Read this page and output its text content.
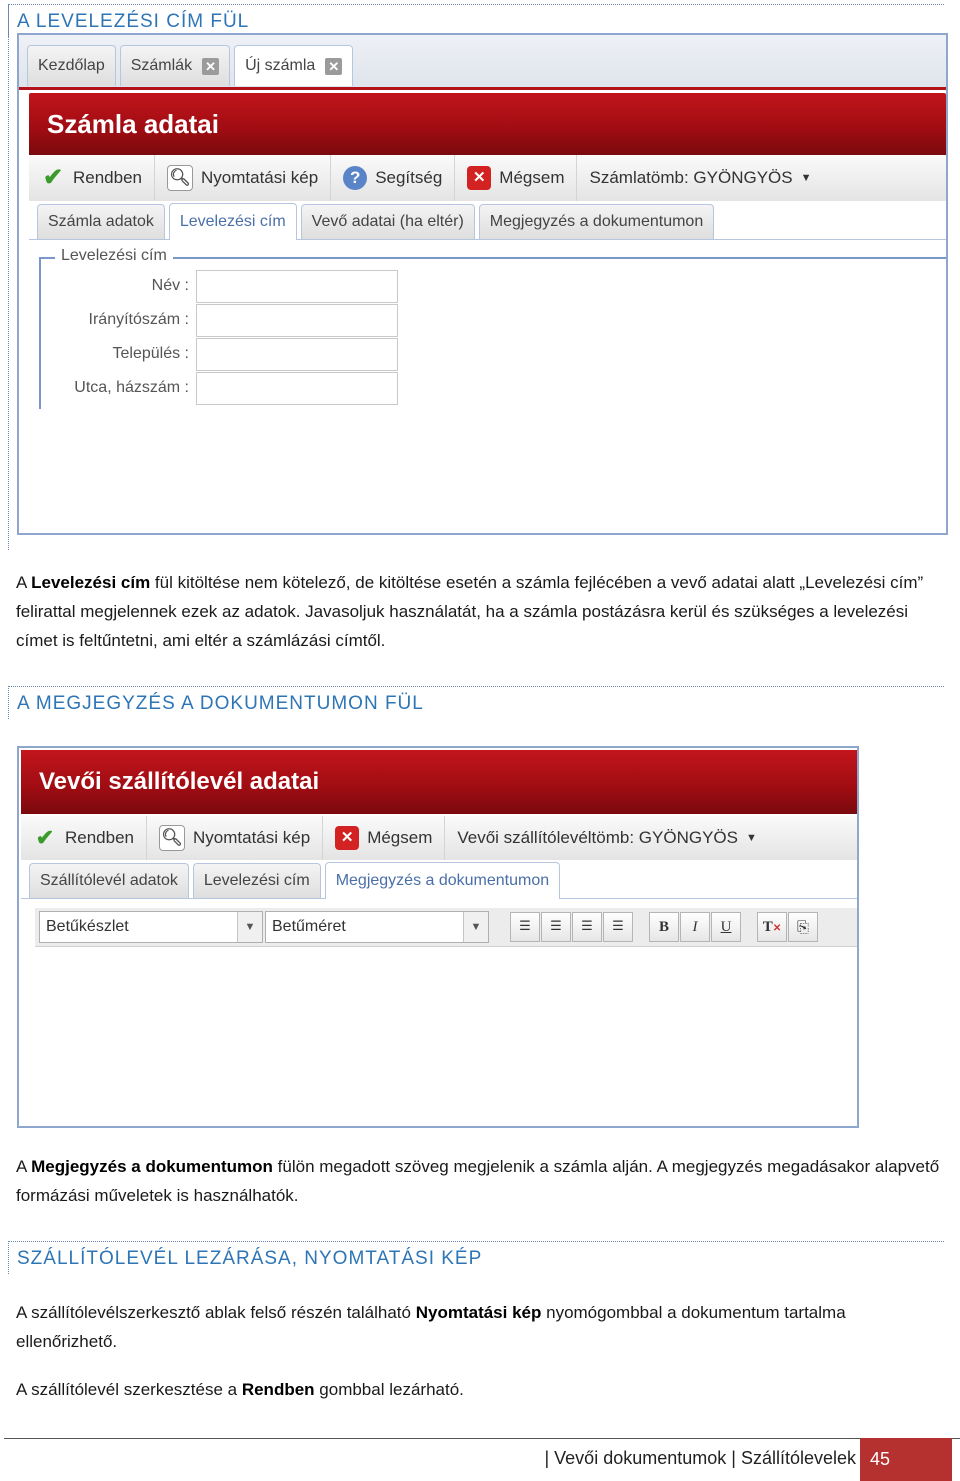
A LEVELEZÉSI CÍM FÜL
Kezdőlap Számlák ✕ Új számla ✕
Számla adatai
✔ Rendben 🔍︎ Nyomtatási kép	? Segítség	✕ Mégsem Számlatömb: GYÖNGYÖS ▼
Számla adatok Levelezési cím Vevő adatai (ha eltér) Megjegyzés a dokumentumon
Levelezési cím
Név :
Irányítószám :
Település :
Utca, házszám :
A Levelezési cím fül kitöltése nem kötelező, de kitöltése esetén a számla fejlécében a vevő adatai alatt „Levelezési cím” felirattal megjelennek ezek az adatok. Javasoljuk használatát, ha a számla postázásra kerül és szükséges a levelezési címet is feltűntetni, ami eltér a számlázási címtől.
A MEGJEGYZÉS A DOKUMENTUMON FÜL
Vevői szállítólevél adatai
✔ Rendben 🔍︎ Nyomtatási kép	✕ Mégsem Vevői szállítólevéltömb: GYÖNGYÖS ▼
Szállítólevél adatok Levelezési cím Megjegyzés a dokumentumon
Betűkészlet	▼	Betűméret	▼	☰	☰	☰	☰	B	I	U	T✕	⎘
A Megjegyzés a dokumentumon fülön megadott szöveg megjelenik a számla alján. A megjegyzés megadásakor alapvető formázási műveletek is használhatók.
SZÁLLÍTÓLEVÉL LEZÁRÁSA, NYOMTATÁSI KÉP
A szállítólevélszerkesztő ablak felső részén található Nyomtatási kép nyomógombbal a dokumentum tartalma ellenőrizhető.
A szállítólevél szerkesztése a Rendben gombbal lezárható.
| Vevői dokumentumok | Szállítólevelek 45
